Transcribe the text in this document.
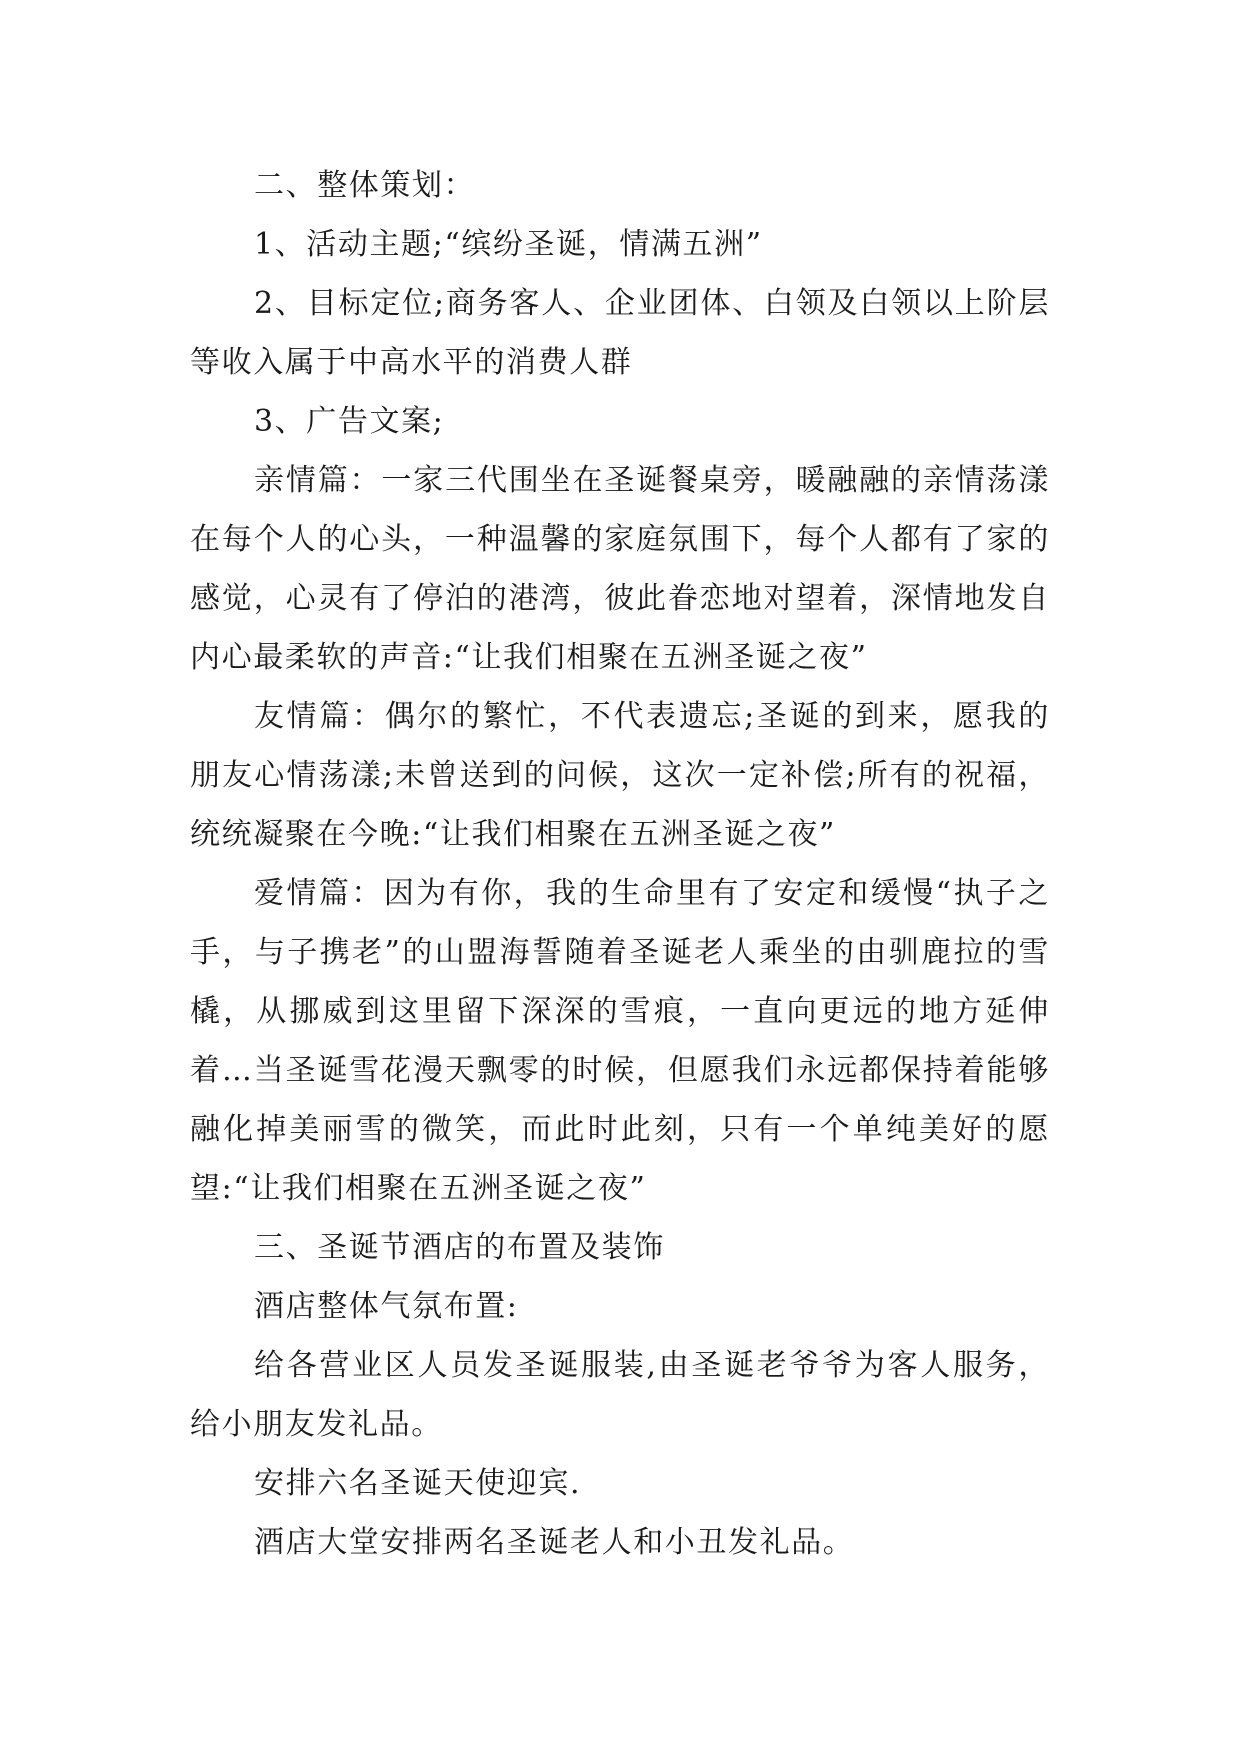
二、整体策划：

1、活动主题;“缤纷圣诞，情满五洲”

2、目标定位;商务客人、企业团体、白领及白领以上阶层等收入属于中高水平的消费人群

3、广告文案;

亲情篇：一家三代围坐在圣诞餐桌旁，暖融融的亲情荡漾在每个人的心头，一种温馨的家庭氛围下，每个人都有了家的感觉，心灵有了停泊的港湾，彼此眷恋地对望着，深情地发自内心最柔软的声音:“让我们相聚在五洲圣诞之夜”

友情篇：偶尔的繁忙，不代表遗忘;圣诞的到来，愿我的朋友心情荡漾;未曾送到的问候，这次一定补偿;所有的祝福，统统凝聚在今晚:“让我们相聚在五洲圣诞之夜”

爱情篇：因为有你，我的生命里有了安定和缓慢“执子之手，与子携老”的山盟海誓随着圣诞老人乘坐的由驯鹿拉的雪橇，从挪威到这里留下深深的雪痕，一直向更远的地方延伸着…当圣诞雪花漫天飘零的时候，但愿我们永远都保持着能够融化掉美丽雪的微笑，而此时此刻，只有一个单纯美好的愿望:“让我们相聚在五洲圣诞之夜”

三、圣诞节酒店的布置及装饰

酒店整体气氛布置:

给各营业区人员发圣诞服装,由圣诞老爷爷为客人服务，给小朋友发礼品。

安排六名圣诞天使迎宾.

酒店大堂安排两名圣诞老人和小丑发礼品。
